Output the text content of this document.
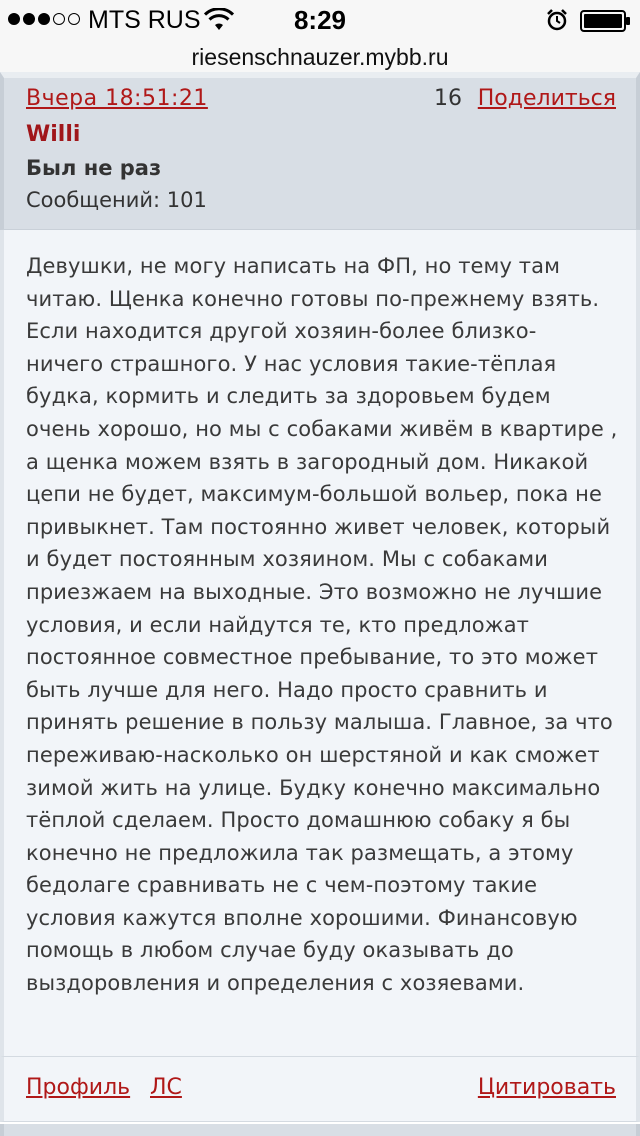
MTS RUS	8:29
riesenschnauzer.mybb.ru
Вчера 18:51:21	16 Поделиться
Willi
Был не раз
Сообщений: 101

Девушки, не могу написать на ФП, но тему там читаю. Щенка конечно готовы по-прежнему взять. Если находится другой хозяин-более близко- ничего страшного. У нас условия такие-тёплая будка, кормить и следить за здоровьем будем очень хорошо, но мы с собаками живём в квартире , а щенка можем взять в загородный дом. Никакой цепи не будет, максимум-большой вольер, пока не привыкнет. Там постоянно живет человек, который и будет постоянным хозяином. Мы с собаками приезжаем на выходные. Это возможно не лучшие условия, и если найдутся те, кто предложат постоянное совместное пребывание, то это может быть лучше для него. Надо просто сравнить и принять решение в пользу малыша. Главное, за что переживаю-насколько он шерстяной и как сможет зимой жить на улице. Будку конечно максимально тёплой сделаем. Просто домашнюю собаку я бы конечно не предложила так размещать, а этому бедолаге сравнивать не с чем-поэтому такие условия кажутся вполне хорошими. Финансовую помощь в любом случае буду оказывать до выздоровления и определения с хозяевами.

Профиль ЛС	Цитировать
